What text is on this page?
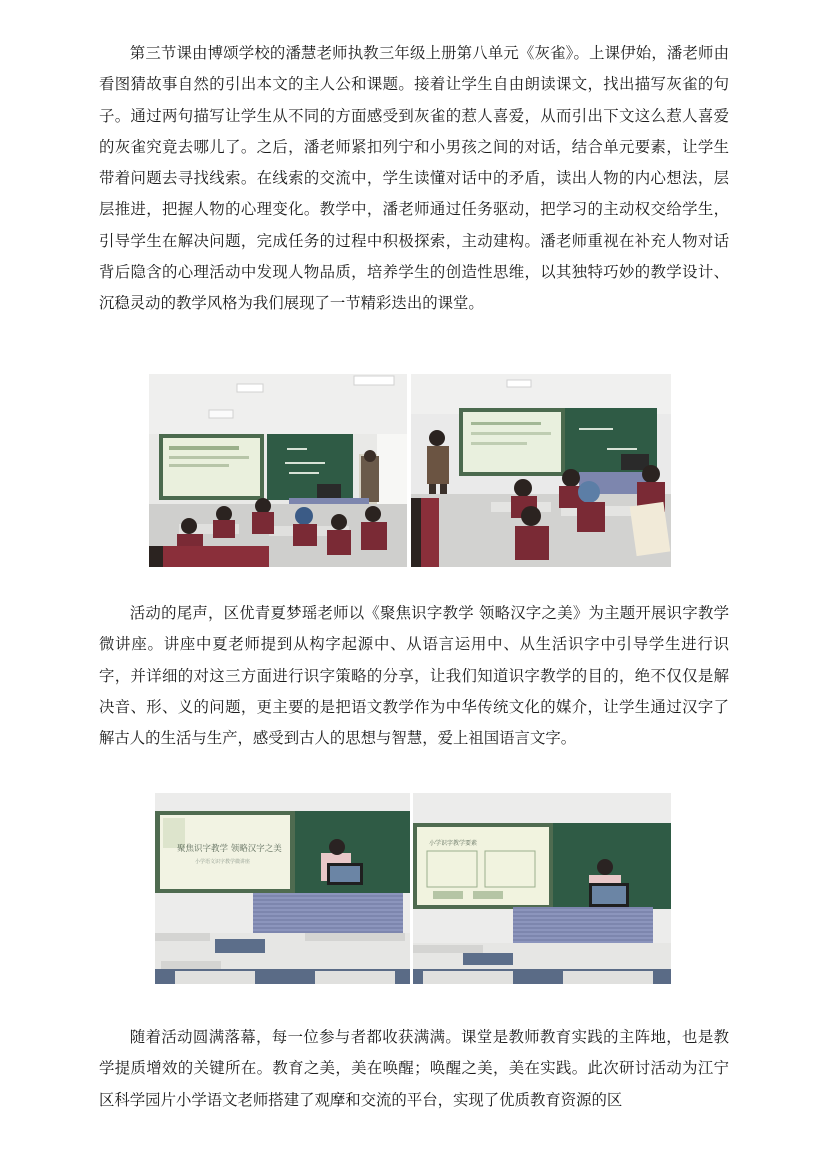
第三节课由博颂学校的潘慧老师执教三年级上册第八单元《灰雀》。上课伊始，潘老师由看图猜故事自然的引出本文的主人公和课题。接着让学生自由朗读课文，找出描写灰雀的句子。通过两句描写让学生从不同的方面感受到灰雀的惹人喜爱，从而引出下文这么惹人喜爱的灰雀究竟去哪儿了。之后，潘老师紧扣列宁和小男孩之间的对话，结合单元要素，让学生带着问题去寻找线索。在线索的交流中，学生读懂对话中的矛盾，读出人物的内心想法，层层推进，把握人物的心理变化。教学中，潘老师通过任务驱动，把学习的主动权交给学生，引导学生在解决问题，完成任务的过程中积极探索，主动建构。潘老师重视在补充人物对话背后隐含的心理活动中发现人物品质，培养学生的创造性思维，以其独特巧妙的教学设计、沉稳灵动的教学风格为我们展现了一节精彩迭出的课堂。

活动的尾声，区优青夏梦瑶老师以《聚焦识字教学 领略汉字之美》为主题开展识字教学微讲座。讲座中夏老师提到从构字起源中、从语言运用中、从生活识字中引导学生进行识字，并详细的对这三方面进行识字策略的分享，让我们知道识字教学的目的，绝不仅仅是解决音、形、义的问题，更主要的是把语文教学作为中华传统文化的媒介，让学生通过汉字了解古人的生活与生产，感受到古人的思想与智慧，爱上祖国语言文字。

聚焦识字教学 领略汉字之美
小学语文识字教学微讲座
小学识字教学要素

随着活动圆满落幕，每一位参与者都收获满满。课堂是教师教育实践的主阵地，也是教学提质增效的关键所在。教育之美，美在唤醒；唤醒之美，美在实践。此次研讨活动为江宁区科学园片小学语文老师搭建了观摩和交流的平台，实现了优质教育资源的区
